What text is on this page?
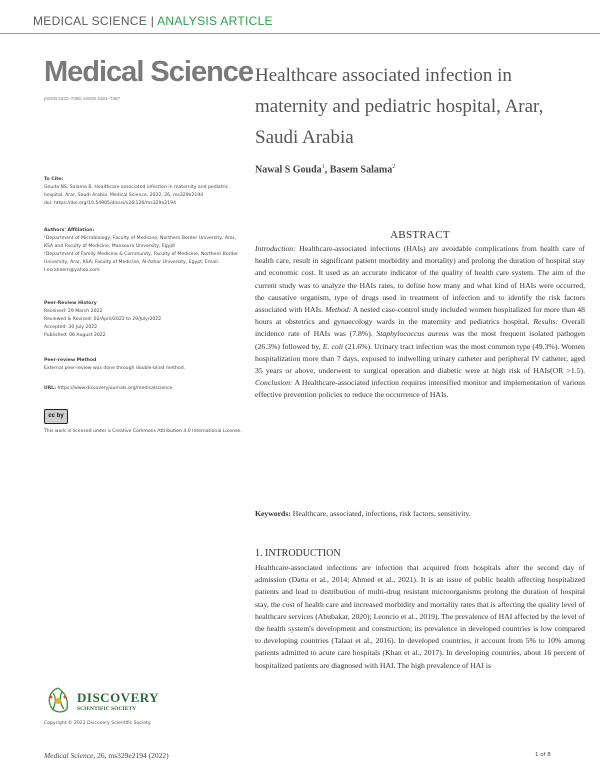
MEDICAL SCIENCE | ANALYSIS ARTICLE
Medical Science
pISSN 2321–7359; eISSN 2321–7367
Healthcare associated infection in maternity and pediatric hospital, Arar, Saudi Arabia
Nawal S Gouda$^1$, Basem Salama$^2$
To Cite:
Gouda NS, Salama B. Healthcare associated infection in maternity and pediatric hospital, Arar, Saudi Arabia. Medical Science, 2022, 26, ms329e2194
doi: https://doi.org/10.54905/disssi/v26i126/ms329e2194
Authors' Affiliation:
¹Department of Microbiology, Faculty of Medicine, Northern Border University, Arar, KSA and Faculty of Medicine, Mansoura University, Egypt
²Department of Family Medicine & Community, Faculty of Medicine, Northern Border University, Arar, KSA; Faculty of Medicine, Al-Azhar University, Egypt; Email: l.esraheem@yahoo.com
Peer-Review History
Received: 29 March 2022
Reviewed & Revised: 02/April/2022 to 29/July/2022
Accepted: 30 July 2022
Published: 06 August 2022
Peer-review Method
External peer-review was done through double-blind method.
URL: https://www.discoveryjournals.org/medicalscience
cc by
This work is licensed under a Creative Commons Attribution 4.0 International License.
DISCOVERY
SCIENTIFIC SOCIETY
Copyright © 2022 Discovery Scientific Society.
ABSTRACT
Introduction: Healthcare-associated infections (HAIs) are avoidable complications from health care of health care, result in significant patient morbidity and mortality) and prolong the duration of hospital stay and economic cost. It used as an accurate indicator of the quality of health care system. The aim of the current study was to analyze the HAIs rates, to define how many and what kind of HAIs were occurred, the causative organism, type of drugs used in treatment of infection and to identify the risk factors associated with HAIs. Method: A nested case-control study included women hospitalized for more than 48 hours at obstetrics and gynaecology wards in the maternity and pediatrics hospital. Results: Overall incidence rate of HAIs was (7.8%). Staphylococcus aureus was the most frequent isolated pathogen (26.3%) followed by, E. coli (21.6%). Urinary tract infection was the most common type (49.3%). Women hospitalization more than 7 days, exposed to indwelling urinary catheter and peripheral IV catheter, aged 35 years or above, underwent to surgical operation and diabetic were at high risk of HAIs(OR >1.5). Conclusion: A Healthcare-associated infection requires intensified monitor and implementation of various effective prevention policies to reduce the occurrence of HAIs.
Keywords: Healthcare, associated, infections, risk factors, sensitivity.
1. INTRODUCTION
Healthcare-associated infections are infection that acquired from hospitals after the second day of admission (Datta et al., 2014; Ahmed et al., 2021). It is an issue of public health affecting hospitalized patients and lead to distribution of multi-drug resistant microorganisms prolong the duration of hospital stay, the cost of health care and increased morbidity and mortality rates that is affecting the quality level of healthcare services (Abubakar, 2020); Leoncio et al., 2019). The prevalence of HAI affected by the level of the health system's development and construction; its prevalence in developed countries is low compared to developing countries (Talaat et al., 2016). In developed countries, it account from 5% to 10% among patients admitted to acute care hospitals (Khan et al., 2017). In developing countries, about 16 percent of hospitalized patients are diagnosed with HAI. The high prevalence of HAI is
Medical Science, 26, ms329e2194 (2022)	1 of 8
